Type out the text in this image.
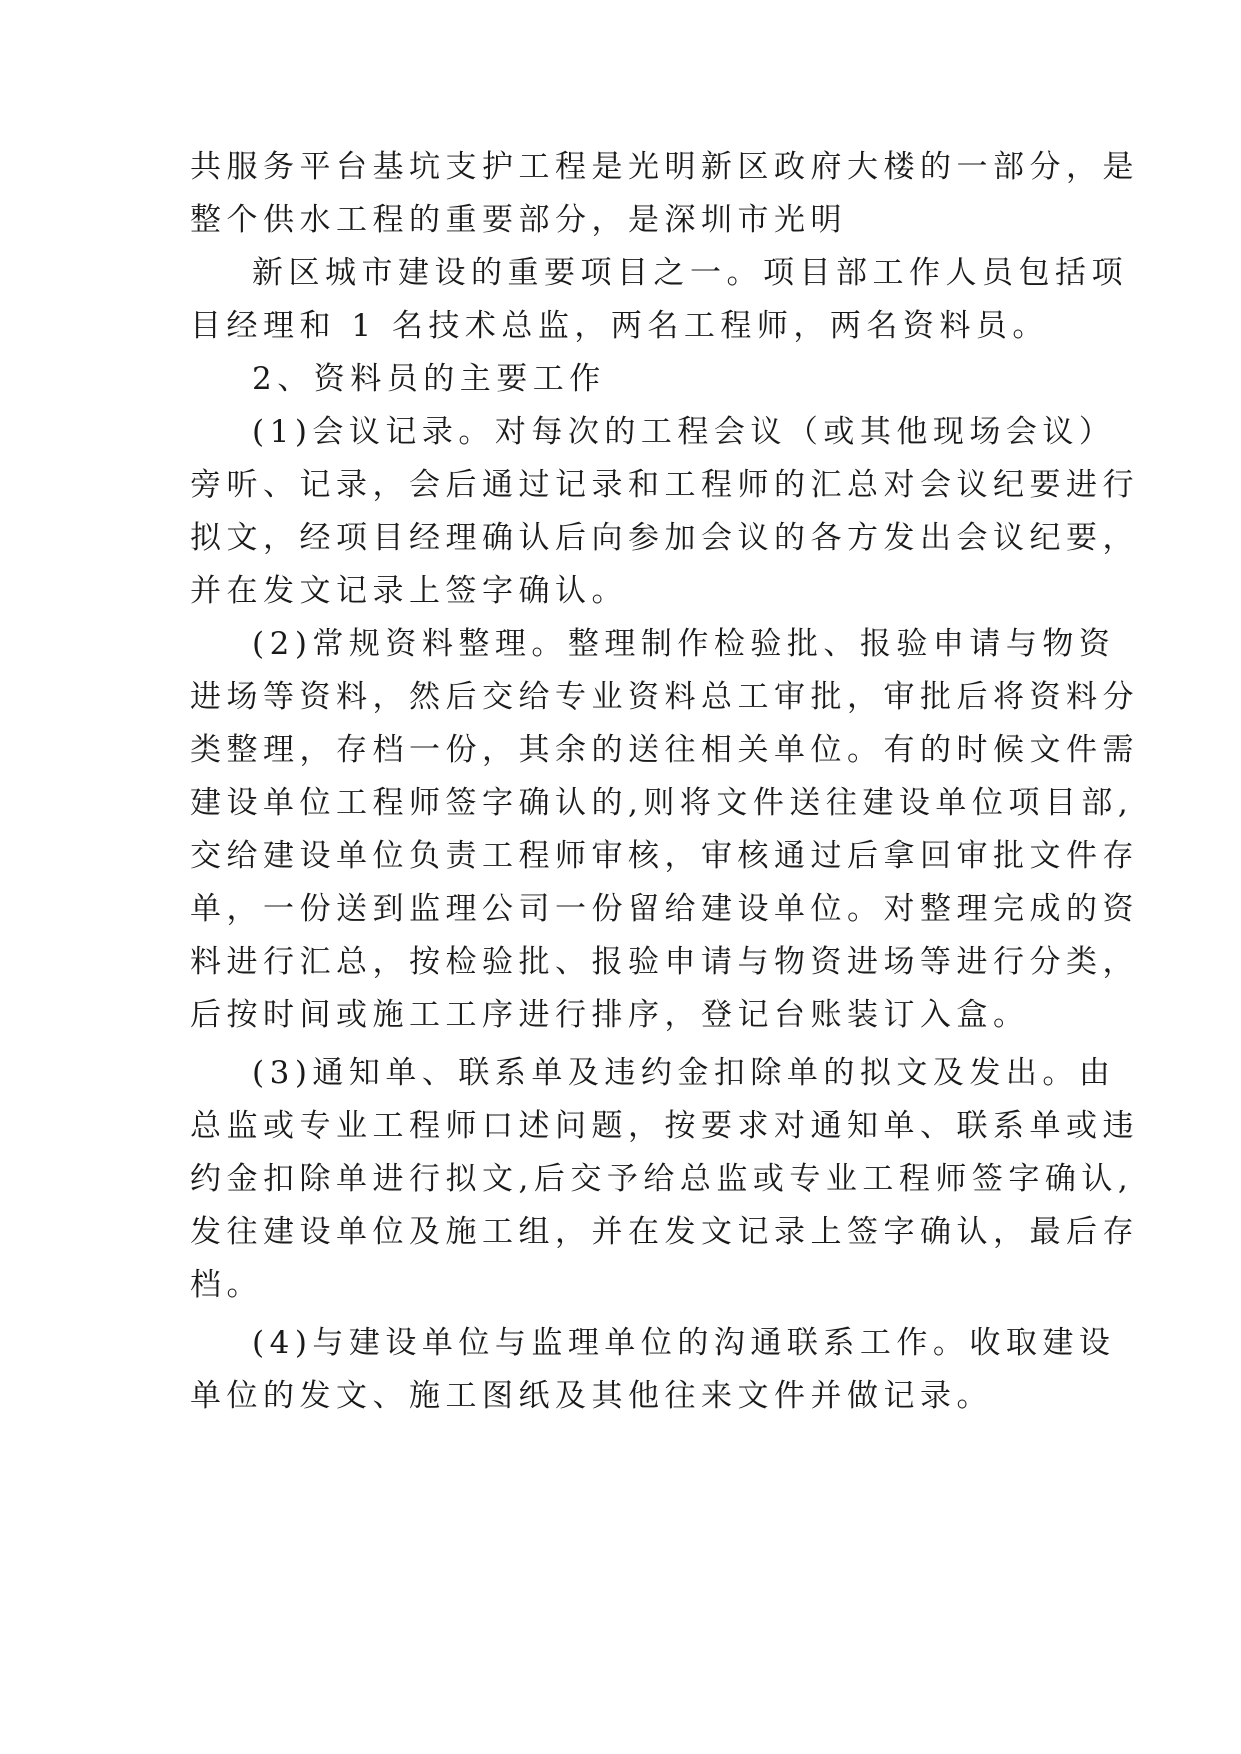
共服务平台基坑支护工程是光明新区政府大楼的一部分，是
整个供水工程的重要部分，是深圳市光明
新区城市建设的重要项目之一。项目部工作人员包括项
目经理和 1 名技术总监，两名工程师，两名资料员。
2、资料员的主要工作
(1)会议记录。对每次的工程会议（或其他现场会议）
旁听、记录，会后通过记录和工程师的汇总对会议纪要进行
拟文，经项目经理确认后向参加会议的各方发出会议纪要，
并在发文记录上签字确认。
(2)常规资料整理。整理制作检验批、报验申请与物资
进场等资料，然后交给专业资料总工审批，审批后将资料分
类整理，存档一份，其余的送往相关单位。有的时候文件需
建设单位工程师签字确认的,则将文件送往建设单位项目部,
交给建设单位负责工程师审核，审核通过后拿回审批文件存
单，一份送到监理公司一份留给建设单位。对整理完成的资
料进行汇总，按检验批、报验申请与物资进场等进行分类，
后按时间或施工工序进行排序，登记台账装订入盒。
(3)通知单、联系单及违约金扣除单的拟文及发出。由
总监或专业工程师口述问题，按要求对通知单、联系单或违
约金扣除单进行拟文,后交予给总监或专业工程师签字确认,
发往建设单位及施工组，并在发文记录上签字确认，最后存
档。
(4)与建设单位与监理单位的沟通联系工作。收取建设
单位的发文、施工图纸及其他往来文件并做记录。
